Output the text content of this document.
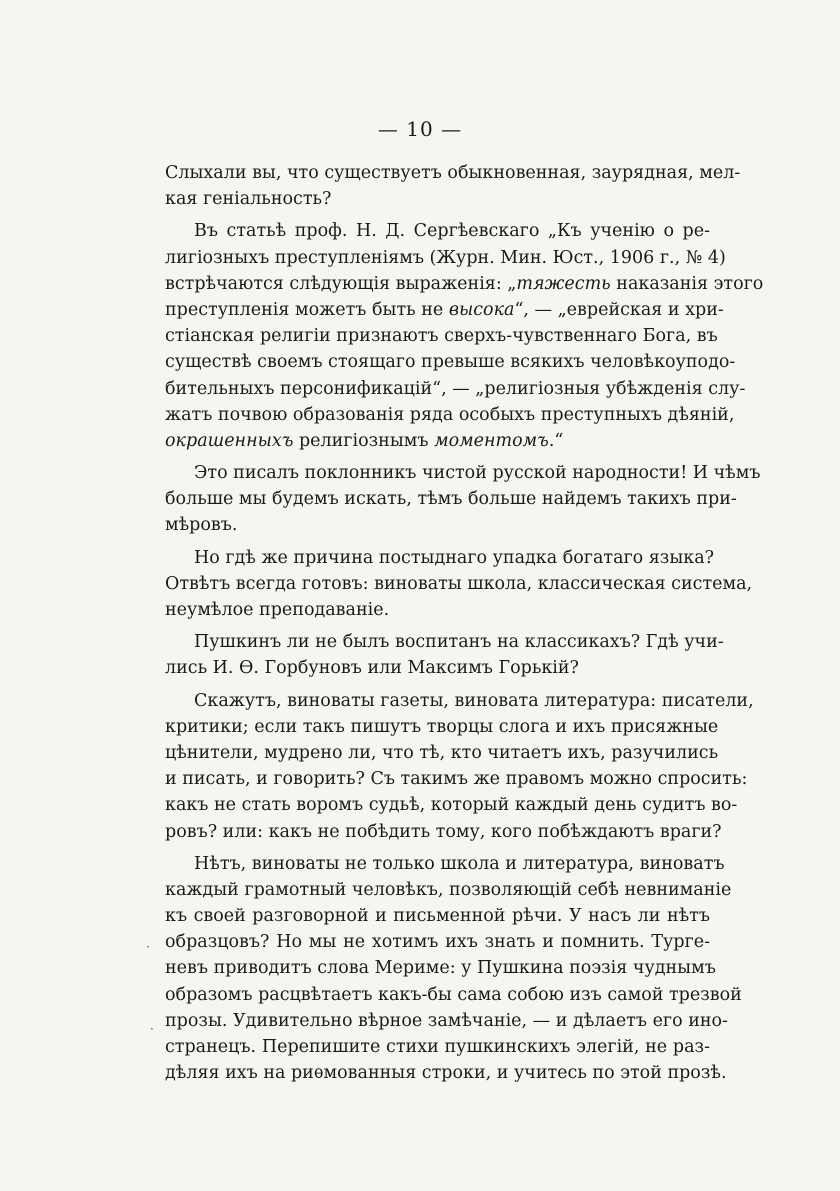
— 10 —
Слыхали вы, что существуетъ обыкновенная, заурядная, мел-
кая геніальность?
Въ статьѣ проф. Н. Д. Сергѣевскаго „Къ ученію о ре-
лигіозныхъ преступленіямъ (Журн. Мин. Юст., 1906 г., № 4)
встрѣчаются слѣдующія выраженія: „тяжесть наказанія этого
преступленія можетъ быть не высока“, — „еврейская и хри-
стіанская религіи признаютъ сверхъ-чувственнаго Бога, въ
существѣ своемъ стоящаго превыше всякихъ человѣкоуподо-
бительныхъ персонификацій“, — „религіозныя убѣжденія слу-
жатъ почвою образованія ряда особыхъ преступныхъ дѣяній,
окрашенныхъ религіознымъ моментомъ.“
Это писалъ поклонникъ чистой русской народности! И чѣмъ
больше мы будемъ искать, тѣмъ больше найдемъ такихъ при-
мѣровъ.
Но гдѣ же причина постыднаго упадка богатаго языка?
Отвѣтъ всегда готовъ: виноваты школа, классическая система,
неумѣлое преподаваніе.
Пушкинъ ли не былъ воспитанъ на классикахъ? Гдѣ учи-
лись И. Ѳ. Горбуновъ или Максимъ Горькій?
Скажутъ, виноваты газеты, виновата литература: писатели,
критики; если такъ пишутъ творцы слога и ихъ присяжные
цѣнители, мудрено ли, что тѣ, кто читаетъ ихъ, разучились
и писать, и говорить? Съ такимъ же правомъ можно спросить:
какъ не стать воромъ судьѣ, который каждый день судитъ во-
ровъ? или: какъ не побѣдить тому, кого побѣждаютъ враги?
Нѣтъ, виноваты не только школа и литература, виноватъ
каждый грамотный человѣкъ, позволяющій себѣ невниманіе
къ своей разговорной и письменной рѣчи. У насъ ли нѣтъ
образцовъ? Но мы не хотимъ ихъ знать и помнить. Турге-
невъ приводитъ слова Мериме: у Пушкина поэзія чуднымъ
образомъ расцвѣтаетъ какъ-бы сама собою изъ самой трезвой
прозы. Удивительно вѣрное замѣчаніе, — и дѣлаетъ его ино-
странецъ. Перепишите стихи пушкинскихъ элегій, не раз-
дѣляя ихъ на риѳмованныя строки, и учитесь по этой прозѣ.
·
·
